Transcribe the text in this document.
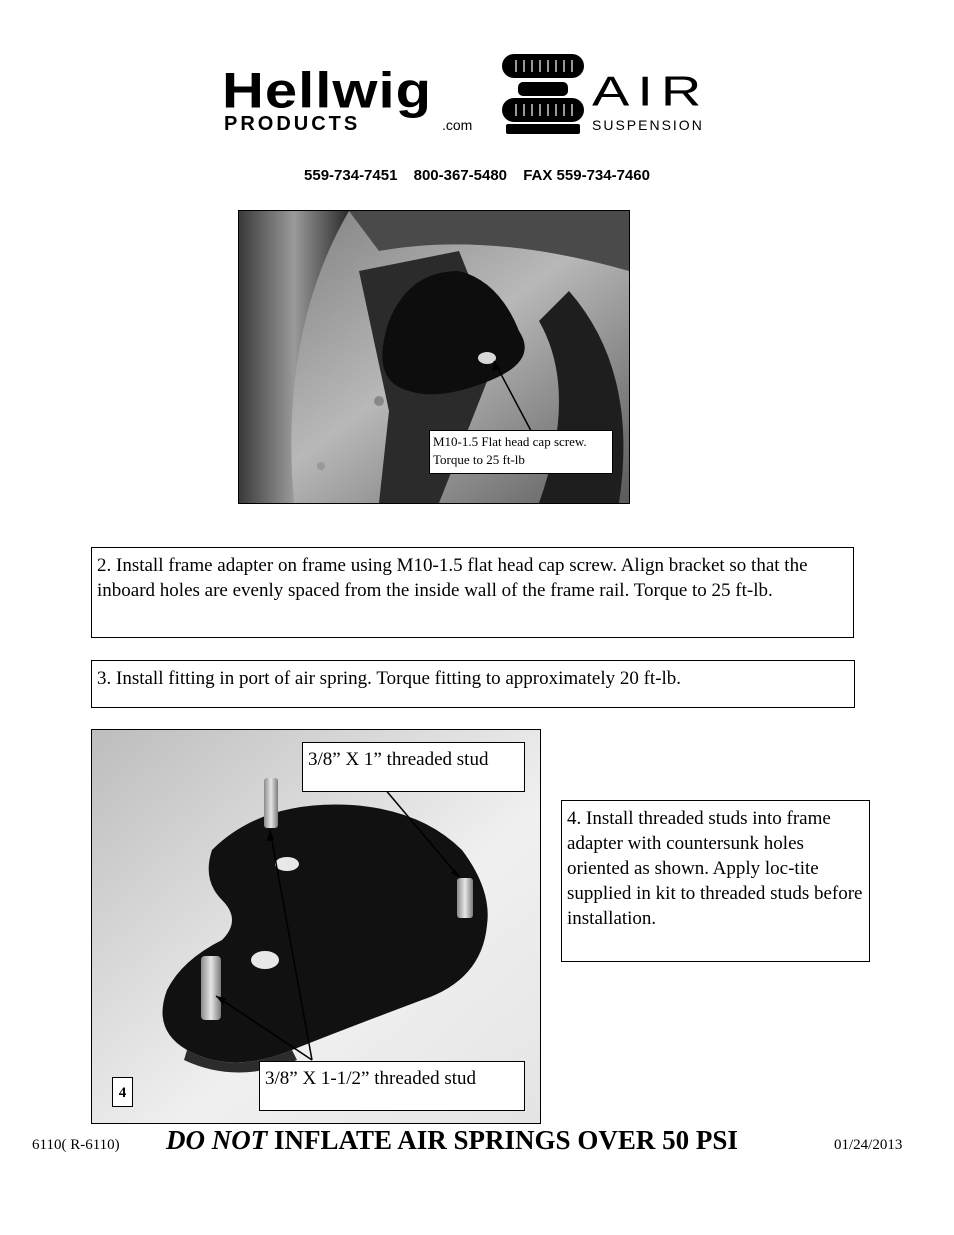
Hellwig
PRODUCTS	.com
AIR
SUSPENSION
559-734-7451 800-367-5480 FAX 559-734-7460
M10-1.5 Flat head cap screw. Torque to 25 ft-lb
2. Install frame adapter on frame using M10-1.5 flat head cap screw. Align bracket so that the inboard holes are evenly spaced from the inside wall of the frame rail. Torque to 25 ft-lb.
3. Install fitting in port of air spring. Torque fitting to approximately 20 ft-lb.
3/8” X 1” threaded stud
3/8” X 1-1/2” threaded stud
4
4. Install threaded studs into frame adapter with countersunk holes oriented as shown. Apply loc-tite supplied in kit to threaded studs before installation.
6110( R-6110) DO NOT INFLATE AIR SPRINGS OVER 50 PSI	01/24/2013
